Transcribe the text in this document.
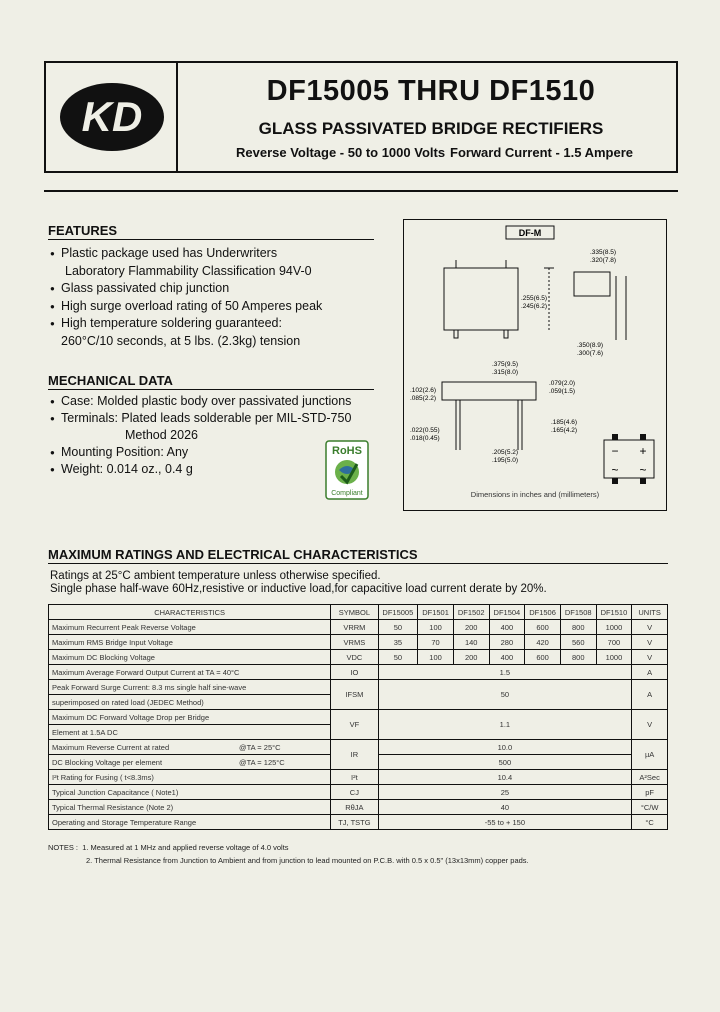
KD
DF15005 THRU DF1510
GLASS PASSIVATED BRIDGE RECTIFIERS
Reverse Voltage - 50 to 1000 Volts Forward Current - 1.5 Ampere
FEATURES
● Plastic package used has Underwriters
Laboratory Flammability Classification 94V-0
● Glass passivated chip junction
● High surge overload rating of 50 Amperes peak
● High temperature soldering guaranteed:
260°C/10 seconds, at 5 lbs. (2.3kg) tension
MECHANICAL DATA
● Case: Molded plastic body over passivated junctions
● Terminals: Plated leads solderable per MIL-STD-750
Method 2026
● Mounting Position: Any
● Weight: 0.014 oz., 0.4 g
RoHS
Compliant
DF-M
.335(8.5)
.320(7.8)
.255(6.5)
.245(6.2)
.350(8.9)
.300(7.6)
.375(9.5)
.315(8.0)
.102(2.6)
.085(2.2)
.079(2.0)
.059(1.5)
.185(4.6)
.165(4.2)
.022(0.55)
.018(0.45)
.205(5.2)
.195(5.0)
− +
~ ~
Dimensions in inches and (millimeters)
MAXIMUM RATINGS AND ELECTRICAL CHARACTERISTICS
Ratings at 25°C ambient temperature unless otherwise specified.
Single phase half-wave 60Hz,resistive or inductive load,for capacitive load current derate by 20%.
CHARACTERISTICS	SYMBOL	DF15005	DF1501	DF1502	DF1504	DF1506	DF1508	DF1510	UNITS
Maximum Recurrent Peak Reverse Voltage	VRRM	50	100	200	400	600	800	1000	V
Maximum RMS Bridge Input Voltage	VRMS	35	70	140	280	420	560	700	V
Maximum DC Blocking Voltage	VDC	50	100	200	400	600	800	1000	V
Maximum Average Forward Output Current at TA = 40°C	IO	1.5							A
Peak Forward Surge Current: 8.3 ms single half sine-wave	IFSM	50							A
superimposed on rated load (JEDEC Method)									
Maximum DC Forward Voltage Drop per Bridge	VF	1.1							V
Element at 1.5A DC									
Maximum Reverse Current at rated @TA = 25°C	IR	10.0							µA
DC Blocking Voltage per element @TA = 125°C		500							
I²t Rating for Fusing ( t<8.3ms)	I²t	10.4							A²Sec
Typical Junction Capacitance ( Note1)	CJ	25							pF
Typical Thermal Resistance (Note 2)	RθJA	40							°C/W
Operating and Storage Temperature Range	TJ, TSTG	-55 to + 150							°C
NOTES : 1. Measured at 1 MHz and applied reverse voltage of 4.0 volts
2. Thermal Resistance from Junction to Ambient and from junction to lead mounted on P.C.B. with 0.5 x 0.5" (13x13mm) copper pads.
